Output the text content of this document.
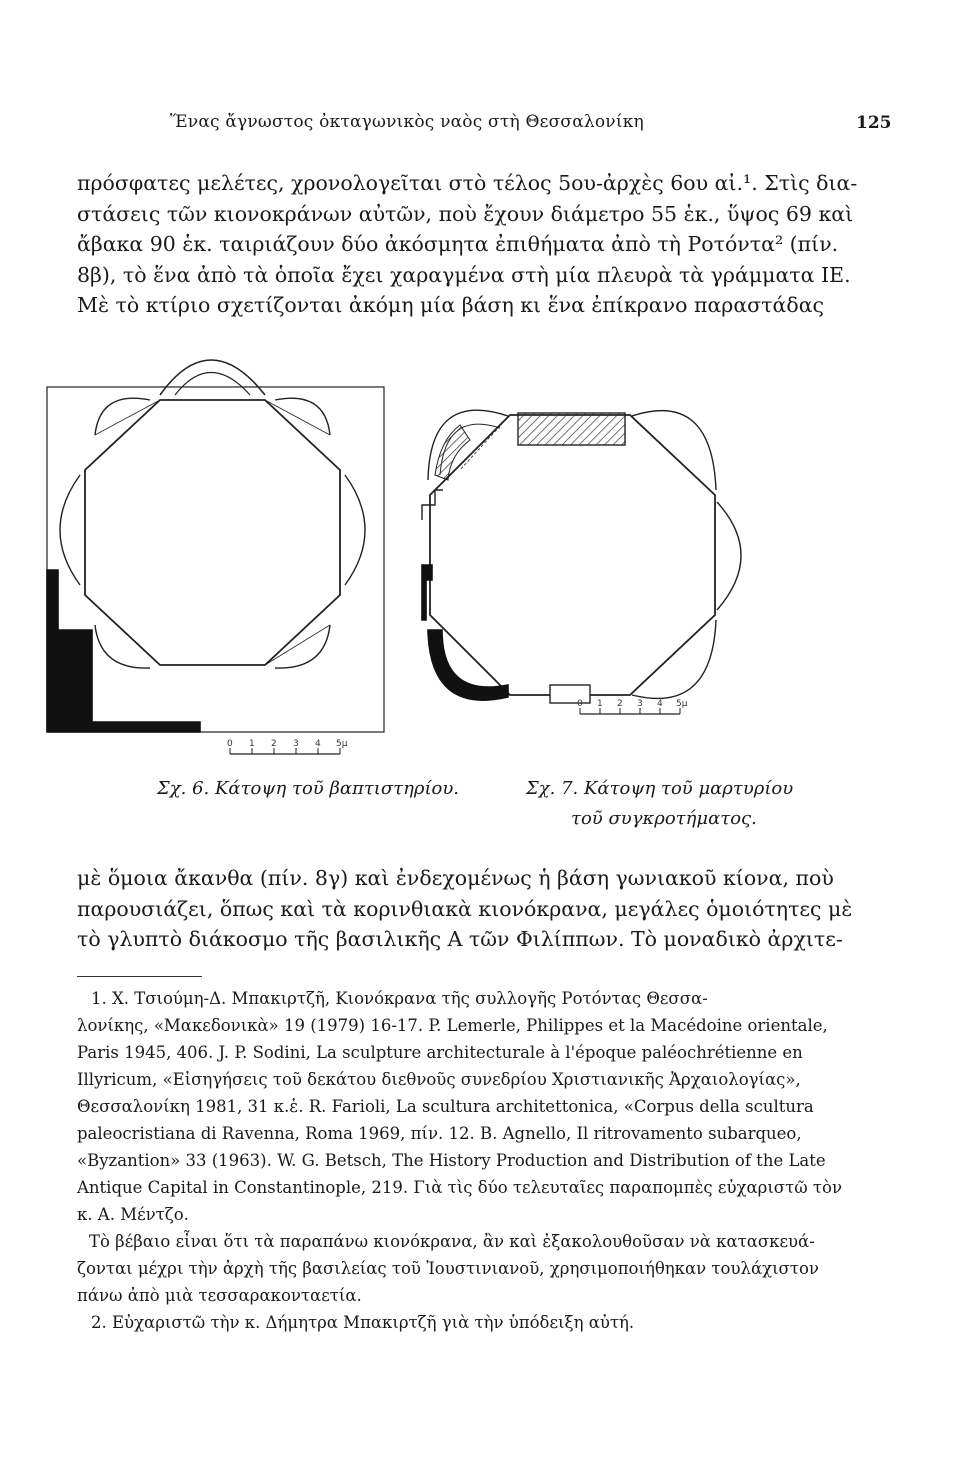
Ἕνας ἄγνωστος ὀκταγωνικὸς ναὸς στὴ Θεσσαλονίκη	125

πρόσφατες μελέτες, χρονολογεῖται στὸ τέλος 5ου-ἀρχὲς 6ου αἰ.¹. Στὶς δια-
στάσεις τῶν κιονοκράνων αὐτῶν, ποὺ ἔχουν διάμετρο 55 ἑκ., ὕψος 69 καὶ
ἄβακα 90 ἑκ. ταιριάζουν δύο ἀκόσμητα ἐπιθήματα ἀπὸ τὴ Ροτόντα² (πίν.
8β), τὸ ἕνα ἀπὸ τὰ ὁποῖα ἔχει χαραγμένα στὴ μία πλευρὰ τὰ γράμματα ΙΕ.
Μὲ τὸ κτίριο σχετίζονται ἀκόμη μία βάση κι ἕνα ἐπίκρανο παραστάδας

0 1 2 3 4 5μ
0 1 2 3 4 5μ
Σχ. 6. Κάτοψη τοῦ βαπτιστηρίου.	Σχ. 7. Κάτοψη τοῦ μαρτυρίου
τοῦ συγκροτήματος.

μὲ ὅμοια ἄκανθα (πίν. 8γ) καὶ ἐνδεχομένως ἡ βάση γωνιακοῦ κίονα, ποὺ
παρουσιάζει, ὅπως καὶ τὰ κορινθιακὰ κιονόκρανα, μεγάλες ὁμοιότητες μὲ
τὸ γλυπτὸ διάκοσμο τῆς βασιλικῆς Α τῶν Φιλίππων. Τὸ μοναδικὸ ἀρχιτε-

1. Χ. Τσιούμη-Δ. Μπακιρτζῆ, Κιονόκρανα τῆς συλλογῆς Ροτόντας Θεσσα-
λονίκης, «Μακεδονικὰ» 19 (1979) 16-17. P. Lemerle, Philippes et la Macédoine orientale,
Paris 1945, 406. J. P. Sodini, La sculpture architecturale à l'époque paléochrétienne en
Illyricum, «Εἰσηγήσεις τοῦ δεκάτου διεθνοῦς συνεδρίου Χριστιανικῆς Ἀρχαιολογίας»,
Θεσσαλονίκη 1981, 31 κ.ἑ. R. Farioli, La scultura architettonica, «Corpus della scultura
paleocristiana di Ravenna, Roma 1969, πίν. 12. B. Agnello, Il ritrovamento subarqueo,
«Byzantion» 33 (1963). W. G. Betsch, The History Production and Distribution of the Late
Antique Capital in Constantinople, 219. Γιὰ τὶς δύο τελευταῖες παραπομπὲς εὐχαριστῶ τὸν
κ. Α. Μέντζο.
Τὸ βέβαιο εἶναι ὅτι τὰ παραπάνω κιονόκρανα, ἂν καὶ ἐξακολουθοῦσαν νὰ κατασκευά-
ζονται μέχρι τὴν ἀρχὴ τῆς βασιλείας τοῦ Ἰουστινιανοῦ, χρησιμοποιήθηκαν τουλάχιστον
πάνω ἀπὸ μιὰ τεσσαρακονταετία.
2. Εὐχαριστῶ τὴν κ. Δήμητρα Μπακιρτζῆ γιὰ τὴν ὑπόδειξη αὐτή.
